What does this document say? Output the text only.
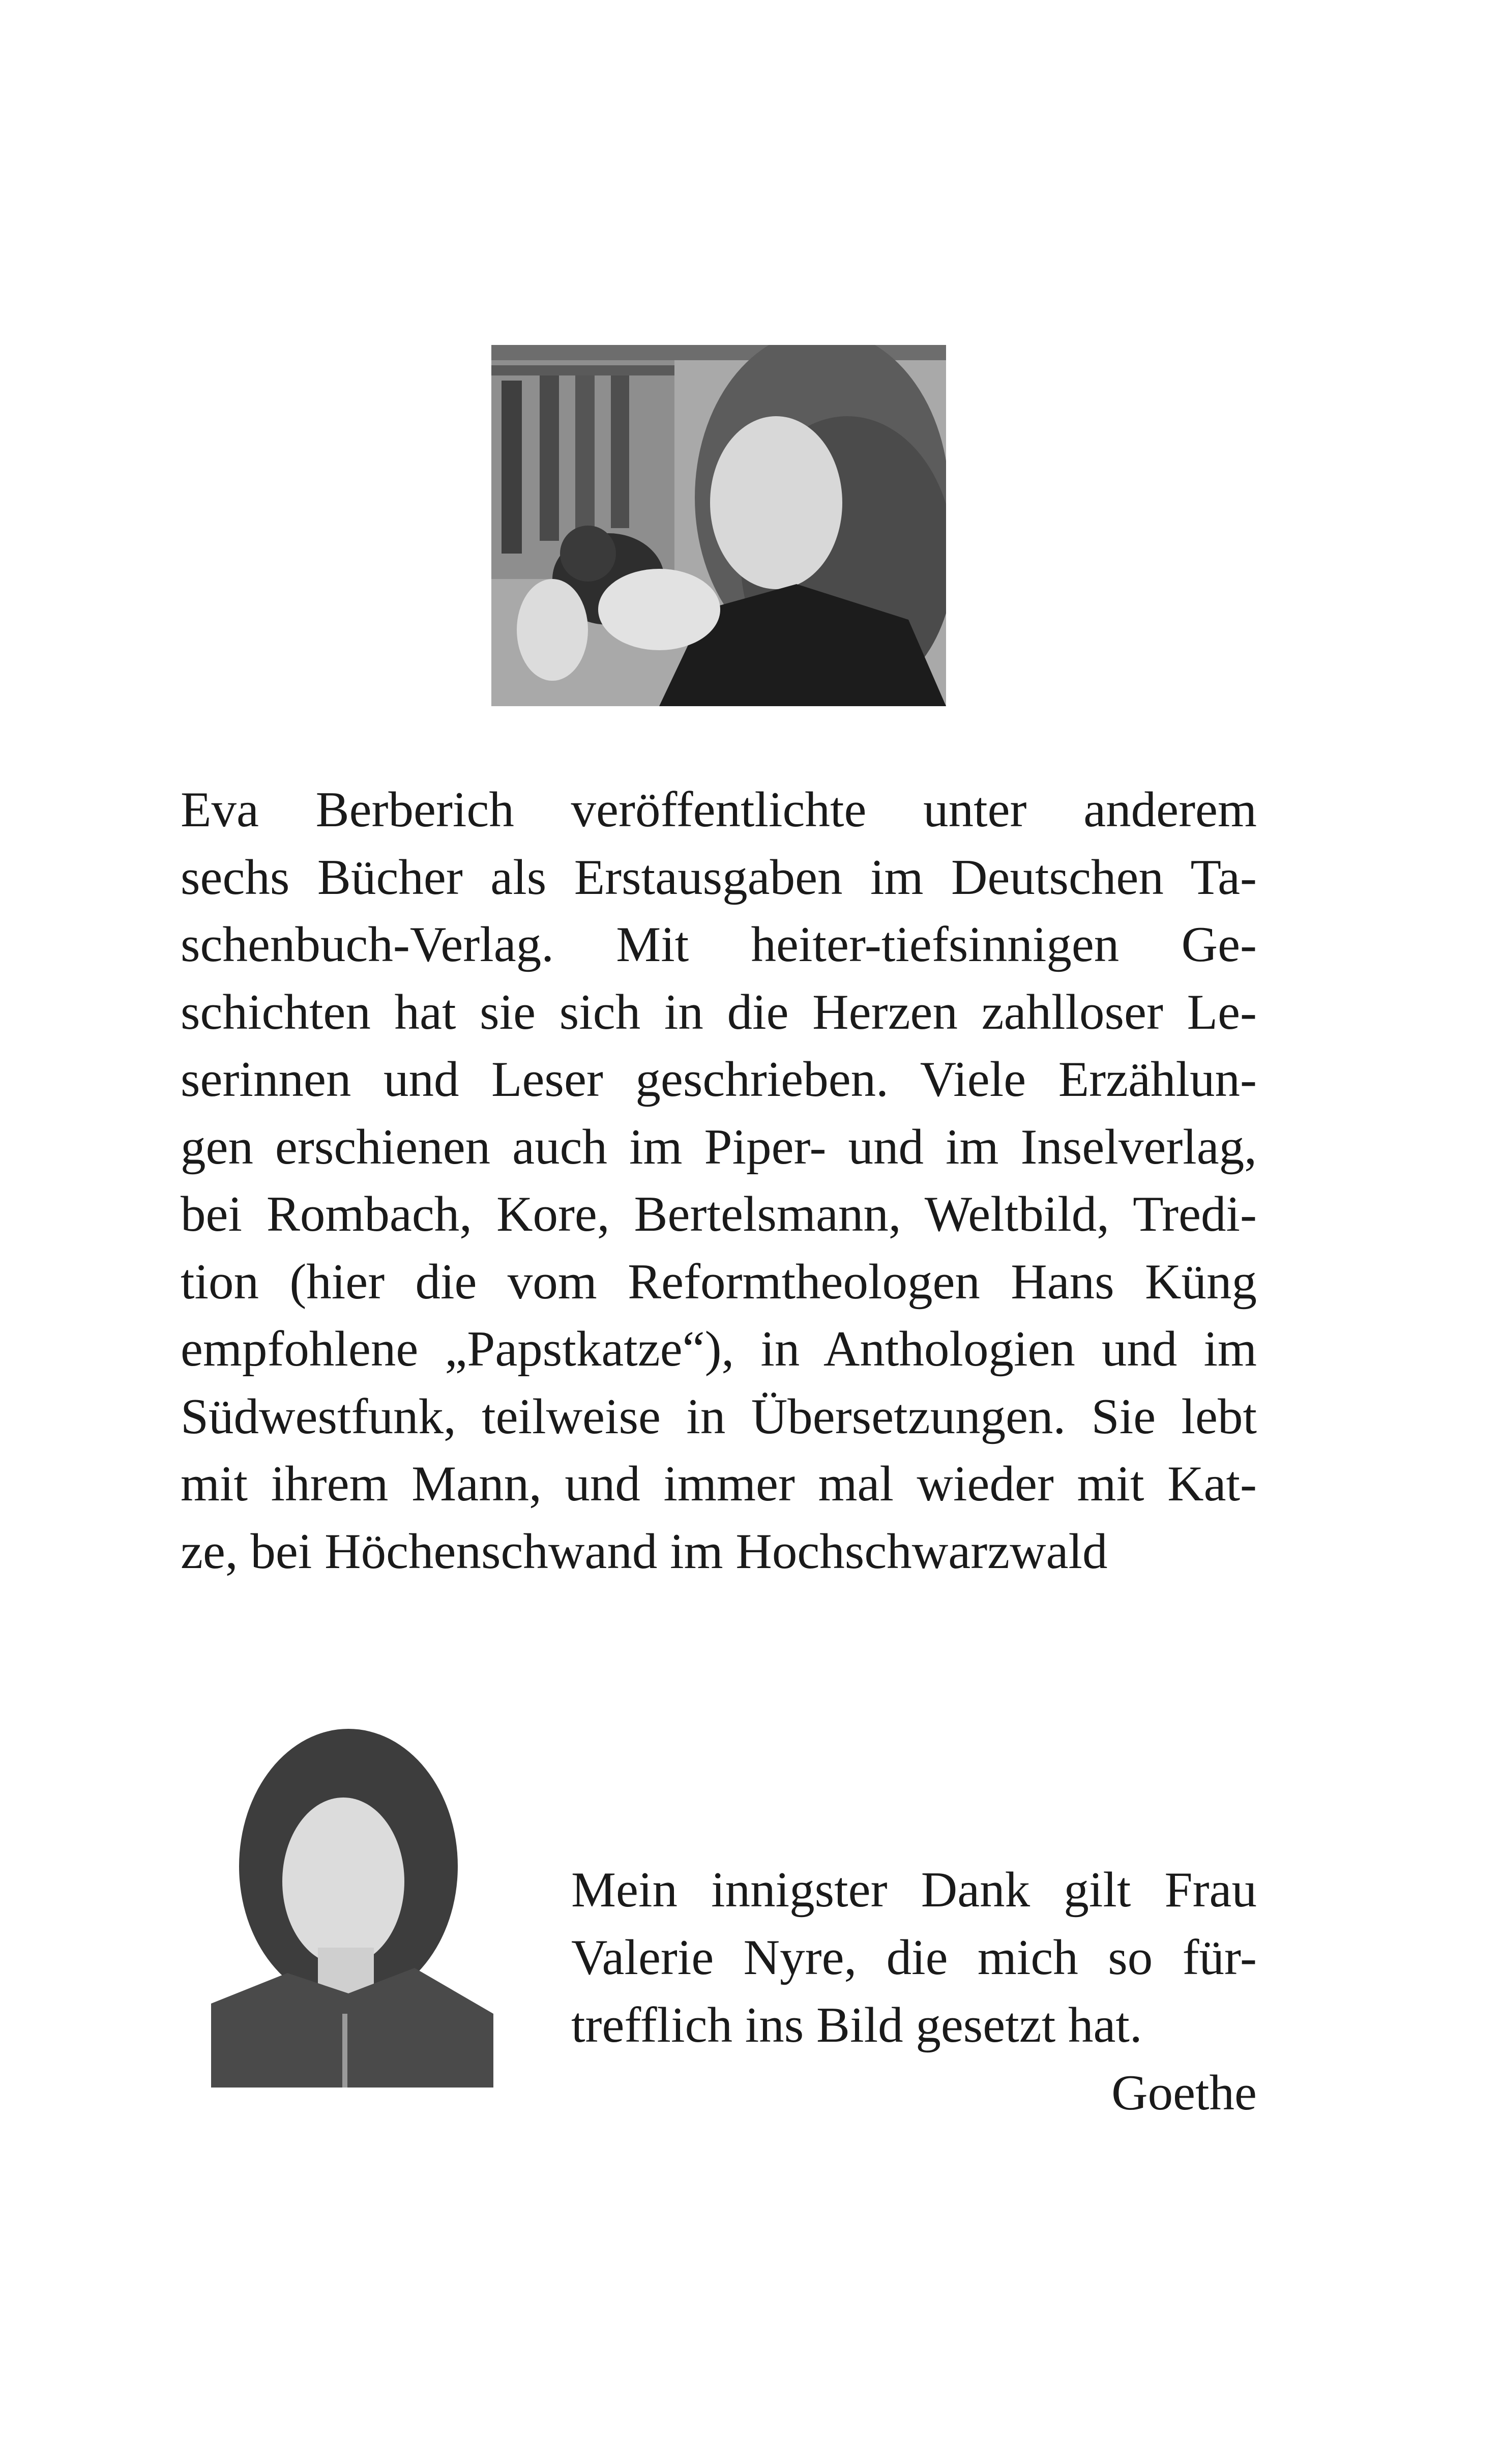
Eva Berberich veröffentlichte unter anderem
sechs Bücher als Erstausgaben im Deutschen Ta-
schenbuch-Verlag. Mit heiter-tiefsinnigen Ge-
schichten hat sie sich in die Herzen zahlloser Le-
serinnen und Leser geschrieben. Viele Erzählun-
gen erschienen auch im Piper- und im Inselverlag,
bei Rombach, Kore, Bertelsmann, Weltbild, Tredi-
tion (hier die vom Reformtheologen Hans Küng
empfohlene „Papstkatze“), in Anthologien und im
Südwestfunk, teilweise in Übersetzungen. Sie lebt
mit ihrem Mann, und immer mal wieder mit Kat-
ze, bei Höchenschwand im Hochschwarzwald
Mein innigster Dank gilt Frau
Valerie Nyre, die mich so für-
trefflich ins Bild gesetzt hat.
Goethe
